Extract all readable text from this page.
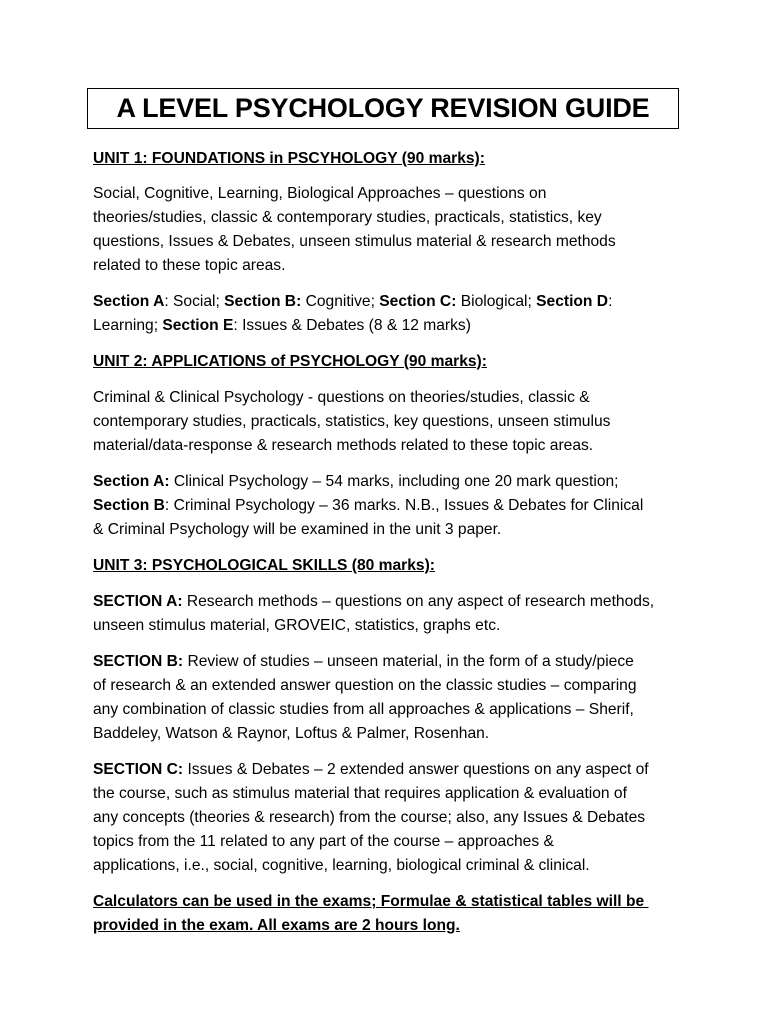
A LEVEL PSYCHOLOGY REVISION GUIDE
UNIT 1: FOUNDATIONS in PSCYHOLOGY (90 marks):
Social, Cognitive, Learning, Biological Approaches – questions on
theories/studies, classic & contemporary studies, practicals, statistics, key
questions, Issues & Debates, unseen stimulus material & research methods
related to these topic areas.
Section A: Social; Section B: Cognitive; Section C: Biological; Section D:
Learning; Section E: Issues & Debates (8 & 12 marks)
UNIT 2: APPLICATIONS of PSYCHOLOGY (90 marks):
Criminal & Clinical Psychology - questions on theories/studies, classic &
contemporary studies, practicals, statistics, key questions, unseen stimulus
material/data-response & research methods related to these topic areas.
Section A: Clinical Psychology – 54 marks, including one 20 mark question;
Section B: Criminal Psychology – 36 marks. N.B., Issues & Debates for Clinical
& Criminal Psychology will be examined in the unit 3 paper.
UNIT 3: PSYCHOLOGICAL SKILLS (80 marks):
SECTION A: Research methods – questions on any aspect of research methods,
unseen stimulus material, GROVEIC, statistics, graphs etc.
SECTION B: Review of studies – unseen material, in the form of a study/piece
of research & an extended answer question on the classic studies – comparing
any combination of classic studies from all approaches & applications – Sherif,
Baddeley, Watson & Raynor, Loftus & Palmer, Rosenhan.
SECTION C: Issues & Debates – 2 extended answer questions on any aspect of
the course, such as stimulus material that requires application & evaluation of
any concepts (theories & research) from the course; also, any Issues & Debates
topics from the 11 related to any part of the course – approaches &
applications, i.e., social, cognitive, learning, biological criminal & clinical.
Calculators can be used in the exams; Formulae & statistical tables will be
provided in the exam. All exams are 2 hours long.
